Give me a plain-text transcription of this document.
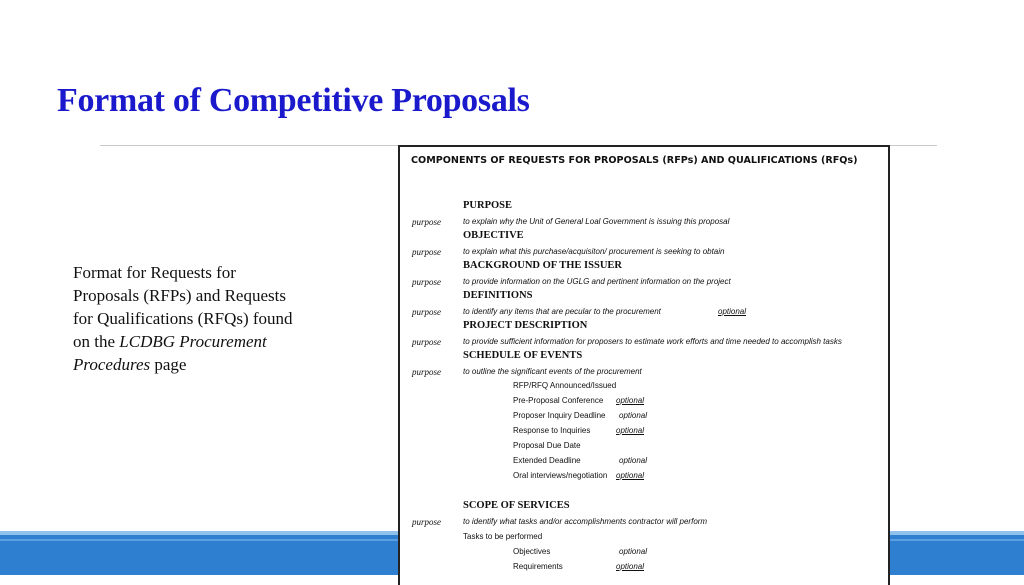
Format of Competitive Proposals
Format for Requests for
Proposals (RFPs) and Requests
for Qualifications (RFQs) found
on the LCDBG Procurement
Procedures page
COMPONENTS OF REQUESTS FOR PROPOSALS (RFPs) AND QUALIFICATIONS (RFQs)
PURPOSE
purpose	to explain why the Unit of General Loal Government is issuing this proposal
OBJECTIVE
purpose	to explain what this purchase/acquisiton/ procurement is seeking to obtain
BACKGROUND OF THE ISSUER
purpose	to provide information on the UGLG and pertinent information on the project
DEFINITIONS
purpose	to identify any items that are pecular to the procurement	optional
PROJECT DESCRIPTION
purpose	to provide sufficient information for proposers to estimate work efforts and time needed to accomplish tasks
SCHEDULE OF EVENTS
purpose	to outline the significant events of the procurement
RFP/RFQ Announced/Issued
Pre-Proposal Conference optional
Proposer Inquiry Deadline optional
Response to Inquiries	optional
Proposal Due Date
Extended Deadline	optional
Oral interviews/negotiation optional
SCOPE OF SERVICES
purpose	to identify what tasks and/or accomplishments contractor will perform
Tasks to be performed
Objectives	optional
Requirements	optional
